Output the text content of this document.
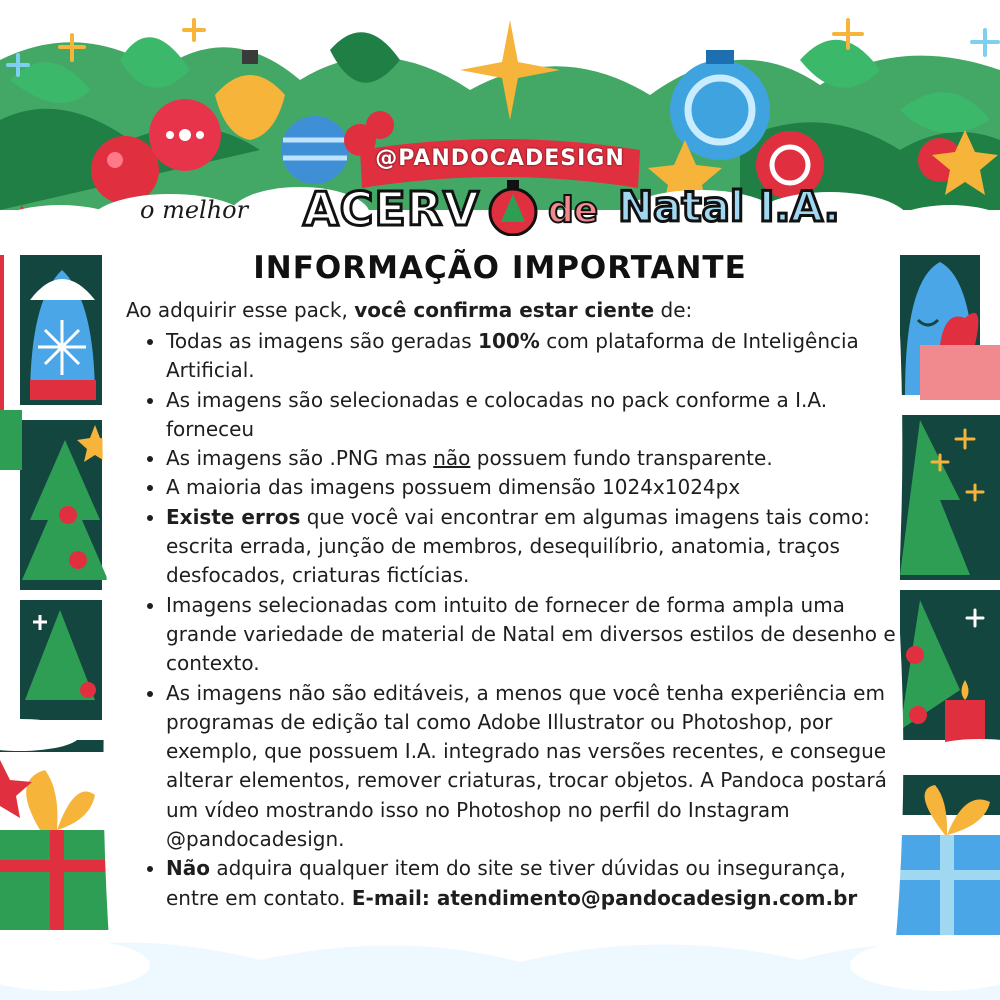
@PANDOCADESIGN
o melhor ACERV de Natal I.A.
INFORMAÇÃO IMPORTANTE

Ao adquirir esse pack, você confirma estar ciente de:

• Todas as imagens são geradas 100% com plataforma de Inteligência Artificial.
• As imagens são selecionadas e colocadas no pack conforme a I.A. forneceu
• As imagens são .PNG mas não possuem fundo transparente.
• A maioria das imagens possuem dimensão 1024x1024px
• Existe erros que você vai encontrar em algumas imagens tais como: escrita errada, junção de membros, desequilíbrio, anatomia, traços desfocados, criaturas fictícias.
• Imagens selecionadas com intuito de fornecer de forma ampla uma grande variedade de material de Natal em diversos estilos de desenho e contexto.
• As imagens não são editáveis, a menos que você tenha experiência em programas de edição tal como Adobe Illustrator ou Photoshop, por exemplo, que possuem I.A. integrado nas versões recentes, e consegue alterar elementos, remover criaturas, trocar objetos. A Pandoca postará um vídeo mostrando isso no Photoshop no perfil do Instagram @pandocadesign.
• Não adquira qualquer item do site se tiver dúvidas ou insegurança, entre em contato. E-mail: atendimento@pandocadesign.com.br
